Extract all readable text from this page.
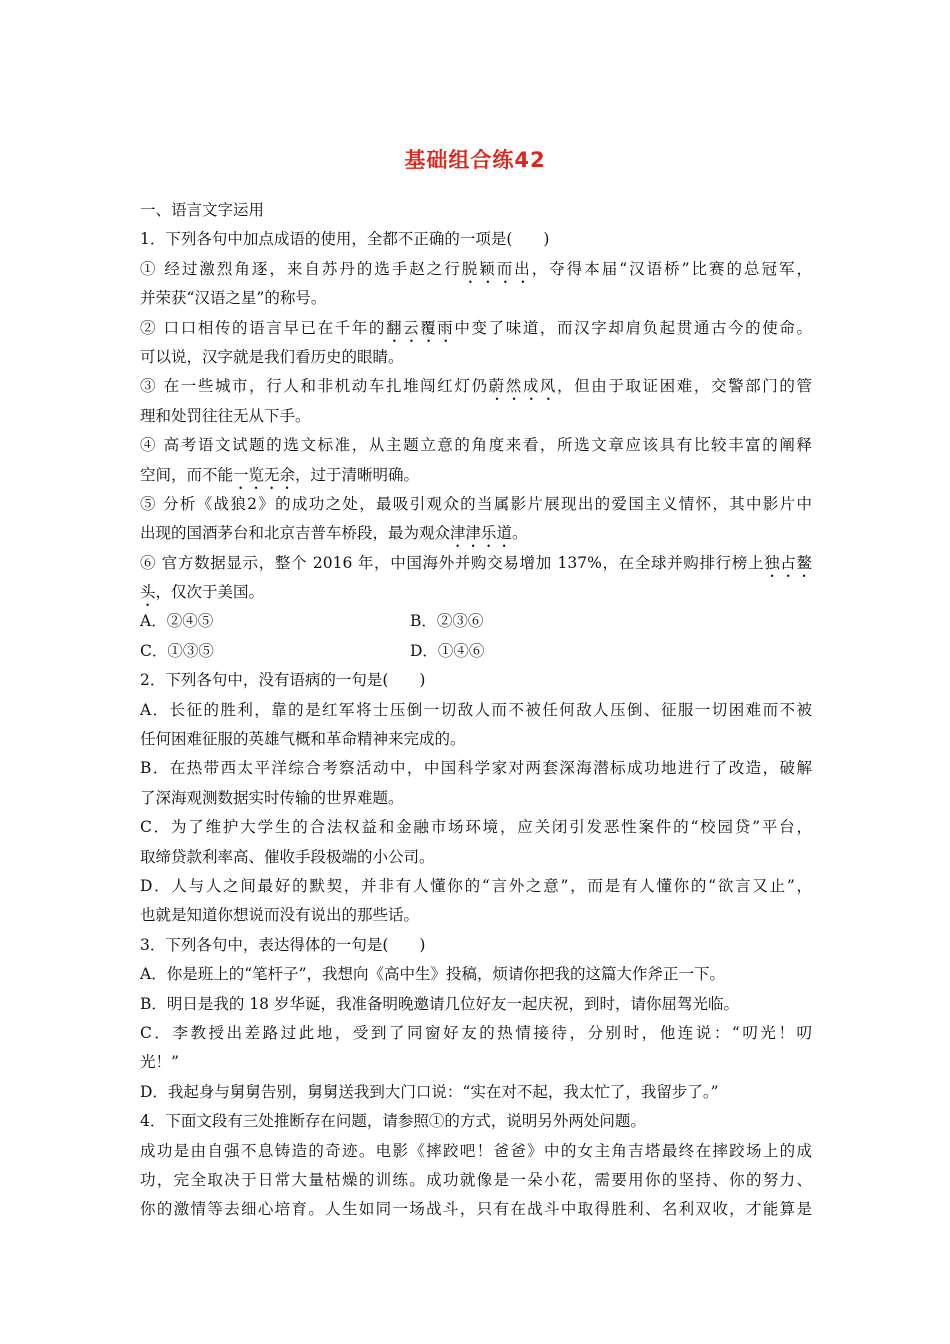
基础组合练42
一、语言文字运用
1．下列各句中加点成语的使用，全都不正确的一项是(　　)
① 经过激烈角逐，来自苏丹的选手赵之行脱颖而出，夺得本届“汉语桥”比赛的总冠军，
并荣获“汉语之星”的称号。
② 口口相传的语言早已在千年的翻云覆雨中变了味道，而汉字却肩负起贯通古今的使命。
可以说，汉字就是我们看历史的眼睛。
③ 在一些城市，行人和非机动车扎堆闯红灯仍蔚然成风，但由于取证困难，交警部门的管
理和处罚往往无从下手。
④ 高考语文试题的选文标准，从主题立意的角度来看，所选文章应该具有比较丰富的阐释
空间，而不能一览无余，过于清晰明确。
⑤ 分析《战狼2》的成功之处，最吸引观众的当属影片展现出的爱国主义情怀，其中影片中
出现的国酒茅台和北京吉普车桥段，最为观众津津乐道。
⑥ 官方数据显示，整个 2016 年，中国海外并购交易增加 137%，在全球并购排行榜上独占鳌
头，仅次于美国。
A．②④⑤	B．②③⑥
C．①③⑤	D．①④⑥
2．下列各句中，没有语病的一句是(　　)
A．长征的胜利，靠的是红军将士压倒一切敌人而不被任何敌人压倒、征服一切困难而不被
任何困难征服的英雄气概和革命精神来完成的。
B．在热带西太平洋综合考察活动中，中国科学家对两套深海潜标成功地进行了改造，破解
了深海观测数据实时传输的世界难题。
C．为了维护大学生的合法权益和金融市场环境，应关闭引发恶性案件的“校园贷”平台，
取缔贷款利率高、催收手段极端的小公司。
D．人与人之间最好的默契，并非有人懂你的“言外之意”，而是有人懂你的“欲言又止”，
也就是知道你想说而没有说出的那些话。
3．下列各句中，表达得体的一句是(　　)
A．你是班上的“笔杆子”，我想向《高中生》投稿，烦请你把我的这篇大作斧正一下。
B．明日是我的 18 岁华诞，我准备明晚邀请几位好友一起庆祝，到时，请你屈驾光临。
C．李教授出差路过此地，受到了同窗好友的热情接待，分别时，他连说：“叨光！叨
光！”
D．我起身与舅舅告别，舅舅送我到大门口说：“实在对不起，我太忙了，我留步了。”
4．下面文段有三处推断存在问题，请参照①的方式，说明另外两处问题。
成功是由自强不息铸造的奇迹。电影《摔跤吧！爸爸》中的女主角吉塔最终在摔跤场上的成
功，完全取决于日常大量枯燥的训练。成功就像是一朵小花，需要用你的坚持、你的努力、
你的激情等去细心培育。人生如同一场战斗，只有在战斗中取得胜利、名利双收，才能算是
